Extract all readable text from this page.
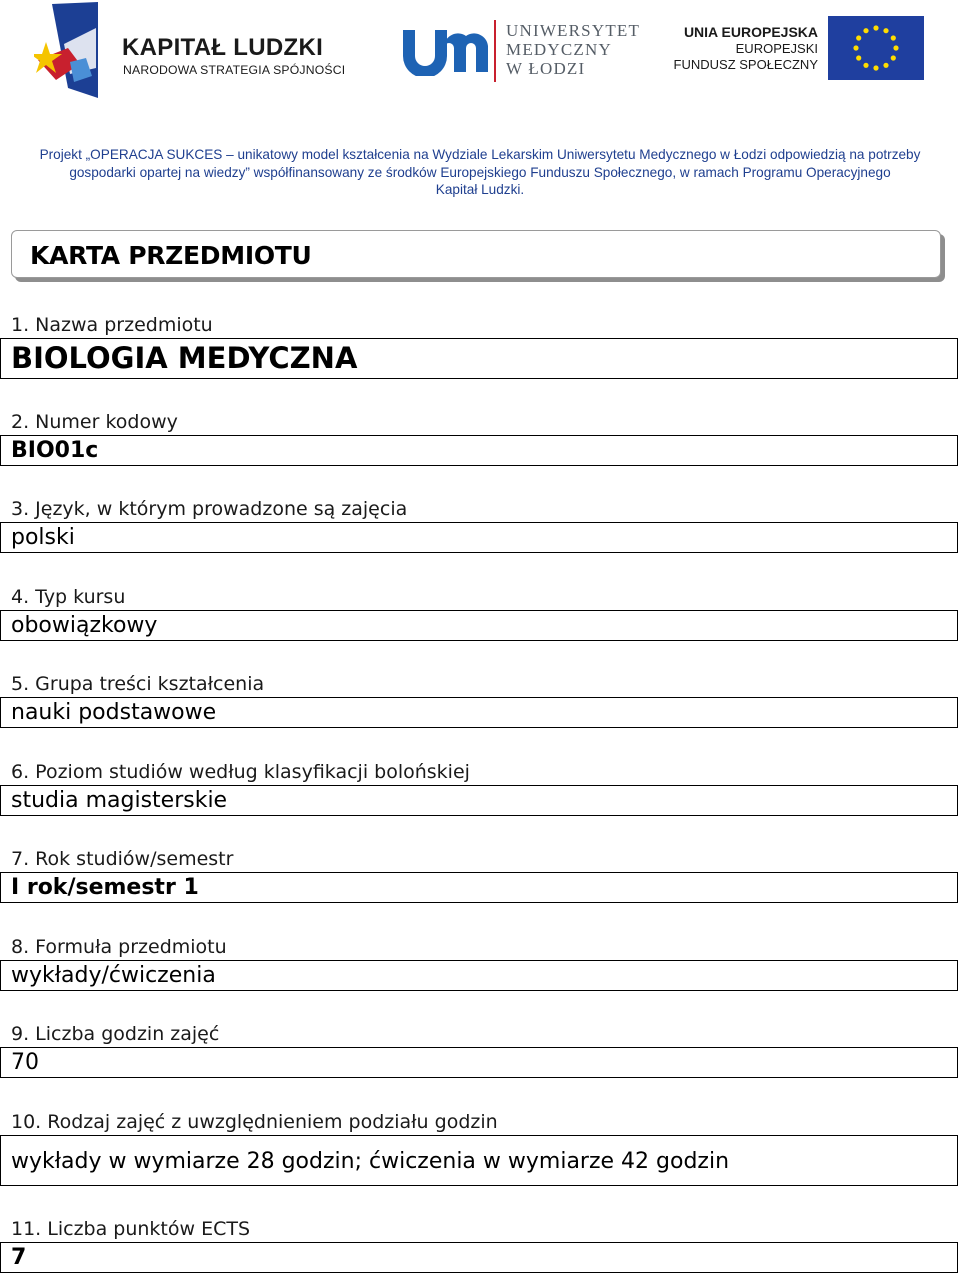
KAPITAŁ LUDZKI
NARODOWA STRATEGIA SPÓJNOŚCI
UNIWERSYTET
MEDYCZNY
W ŁODZI
UNIA EUROPEJSKA
EUROPEJSKI
FUNDUSZ SPOŁECZNY
Projekt „OPERACJA SUKCES – unikatowy model kształcenia na Wydziale Lekarskim Uniwersytetu Medycznego w Łodzi odpowiedzią na potrzeby
gospodarki opartej na wiedzy” współfinansowany ze środków Europejskiego Funduszu Społecznego, w ramach Programu Operacyjnego
Kapitał Ludzki.
KARTA PRZEDMIOTU
1. Nazwa przedmiotu
BIOLOGIA MEDYCZNA
2. Numer kodowy
BIO01c
3. Język, w którym prowadzone są zajęcia
polski
4. Typ kursu
obowiązkowy
5. Grupa treści kształcenia
nauki podstawowe
6. Poziom studiów według klasyfikacji bolońskiej
studia magisterskie
7. Rok studiów/semestr
I rok/semestr 1
8. Formuła przedmiotu
wykłady/ćwiczenia
9. Liczba godzin zajęć
70
10. Rodzaj zajęć z uwzględnieniem podziału godzin
wykłady w wymiarze 28 godzin; ćwiczenia w wymiarze 42 godzin
11. Liczba punktów ECTS
7
